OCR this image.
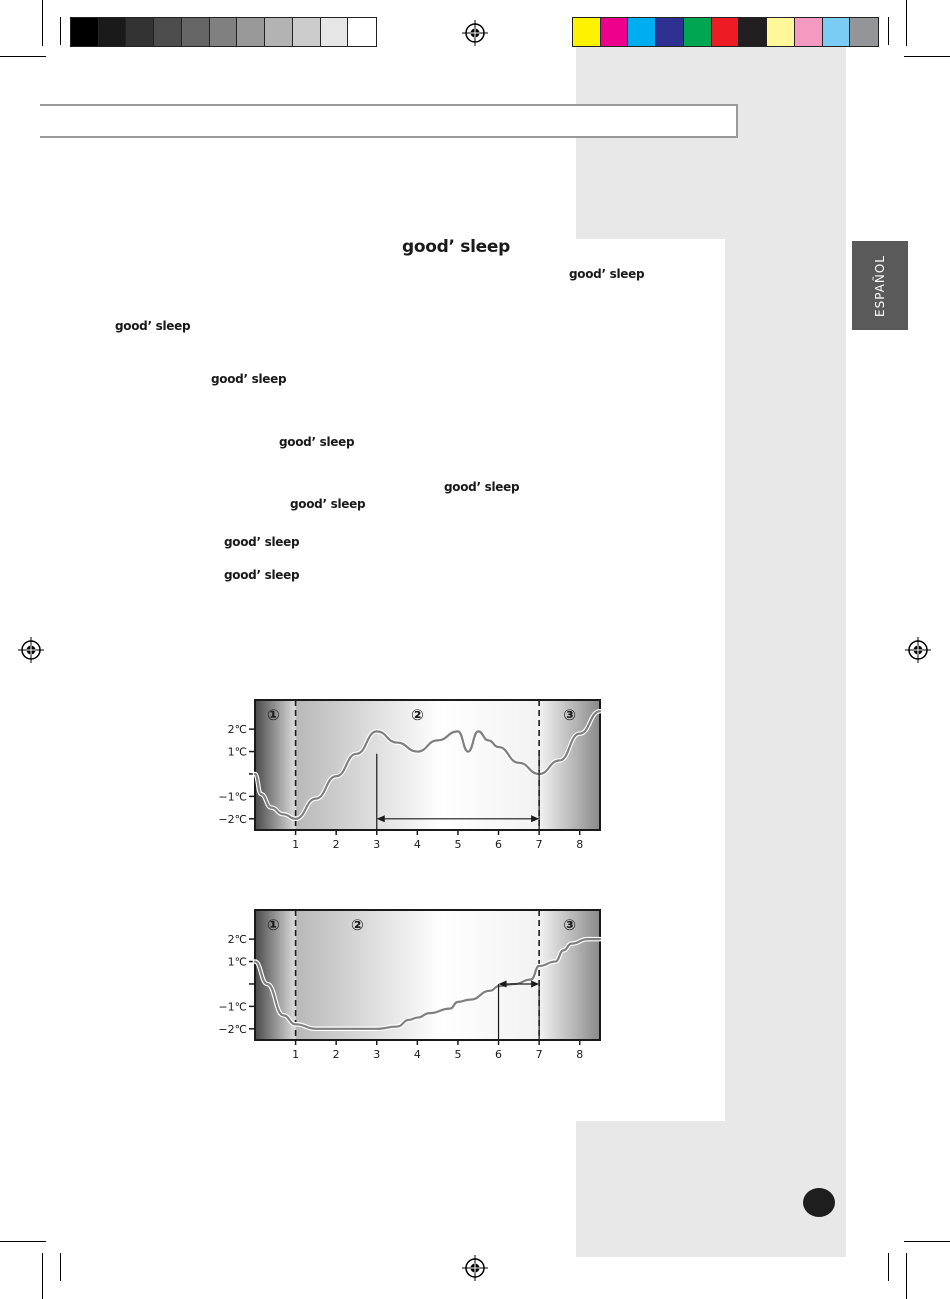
ESPAÑOL
good’ sleep
good’ sleep
good’ sleep
good’ sleep
good’ sleep
good’ sleep
good’ sleep
good’ sleep
good’ sleep
2℃
1℃
−1℃
−2℃
1	2	3	4	5	6	7	8
①	②	③
2℃
1℃
−1℃
−2℃
1	2	3	4	5	6	7	8
①	②	③
